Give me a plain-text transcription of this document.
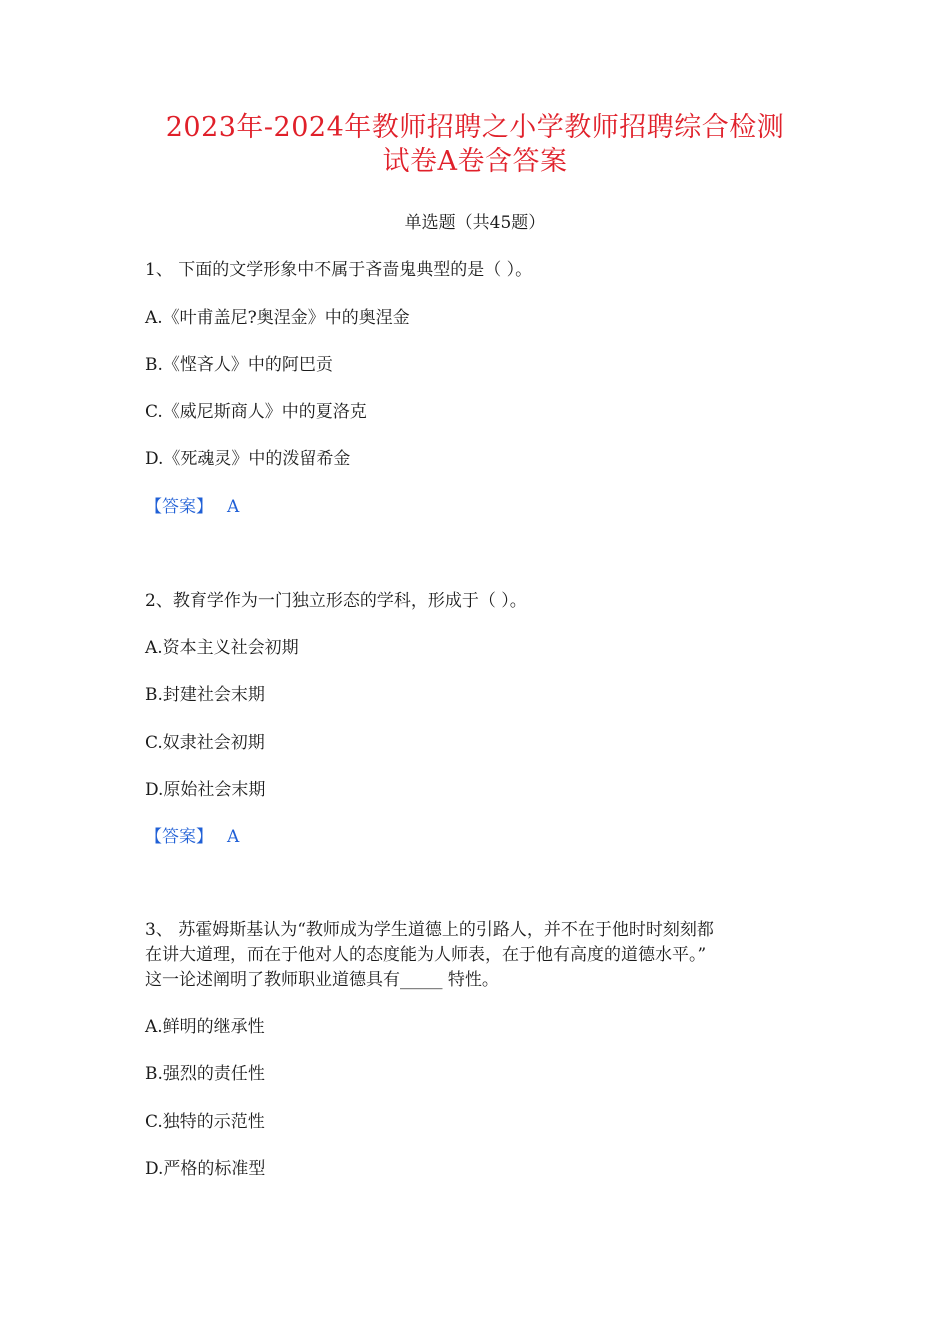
2023年-2024年教师招聘之小学教师招聘综合检测
试卷A卷含答案
单选题（共45题）
1、 下面的文学形象中不属于吝啬鬼典型的是（ ）。
A.《叶甫盖尼?奥涅金》中的奥涅金
B.《悭吝人》中的阿巴贡
C.《威尼斯商人》中的夏洛克
D.《死魂灵》中的泼留希金
【答案】 A
2、教育学作为一门独立形态的学科，形成于（ ）。
A.资本主义社会初期
B.封建社会末期
C.奴隶社会初期
D.原始社会末期
【答案】 A
3、 苏霍姆斯基认为“教师成为学生道德上的引路人，并不在于他时时刻刻都
在讲大道理，而在于他对人的态度能为人师表，在于他有高度的道德水平。”
这一论述阐明了教师职业道德具有_____ 特性。
A.鲜明的继承性
B.强烈的责任性
C.独特的示范性
D.严格的标准型
